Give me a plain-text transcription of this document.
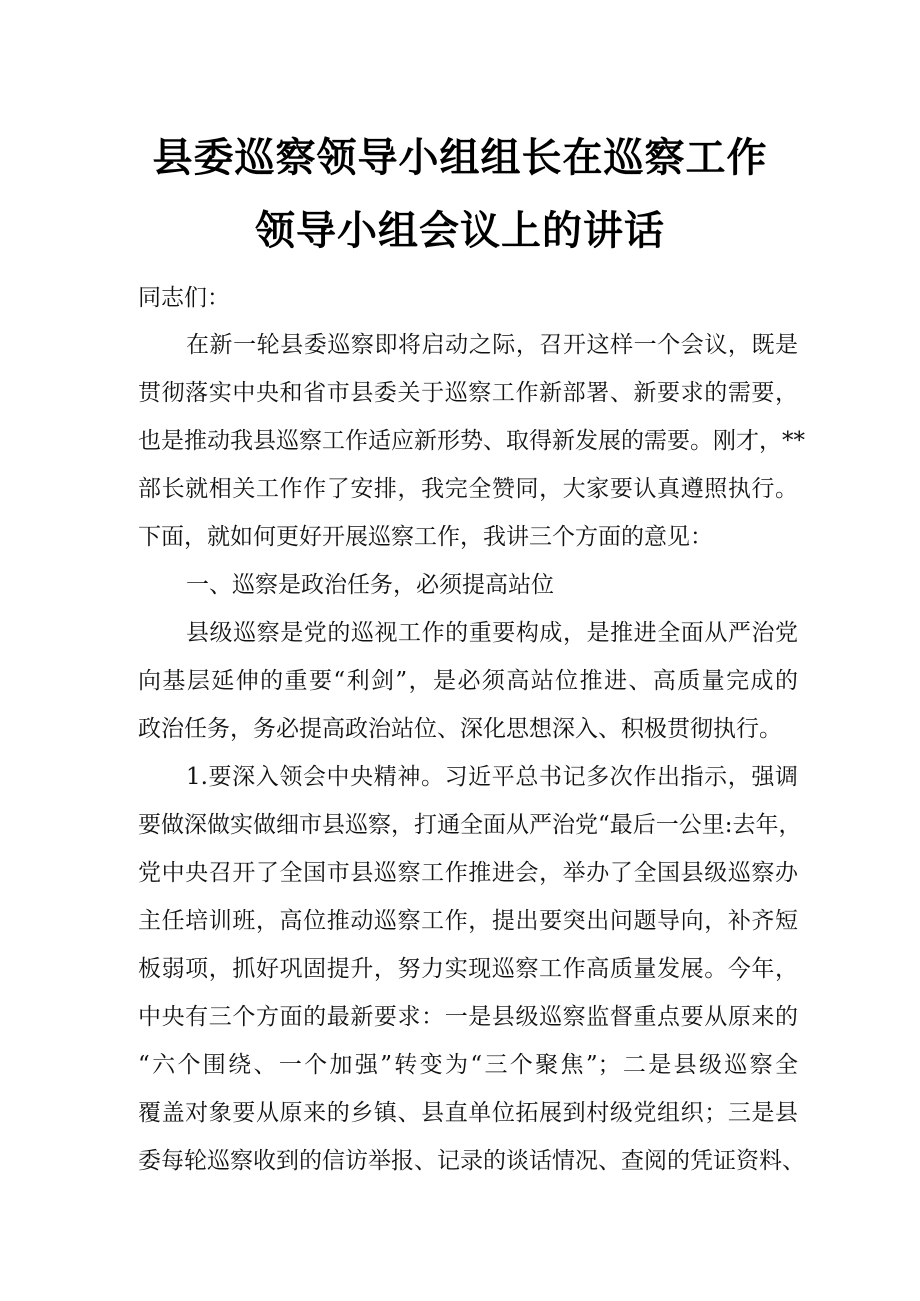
县委巡察领导小组组长在巡察工作
领导小组会议上的讲话
同志们：
在新一轮县委巡察即将启动之际，召开这样一个会议，既是
贯彻落实中央和省市县委关于巡察工作新部署、新要求的需要，
也是推动我县巡察工作适应新形势、取得新发展的需要。刚才，**
部长就相关工作作了安排，我完全赞同，大家要认真遵照执行。
下面，就如何更好开展巡察工作，我讲三个方面的意见：
一、巡察是政治任务，必须提高站位
县级巡察是党的巡视工作的重要构成，是推进全面从严治党
向基层延伸的重要“利剑”，是必须高站位推进、高质量完成的
政治任务，务必提高政治站位、深化思想深入、积极贯彻执行。
1.要深入领会中央精神。习近平总书记多次作出指示，强调
要做深做实做细市县巡察，打通全面从严治党“最后一公里:去年，
党中央召开了全国市县巡察工作推进会，举办了全国县级巡察办
主任培训班，高位推动巡察工作，提出要突出问题导向，补齐短
板弱项，抓好巩固提升，努力实现巡察工作高质量发展。今年，
中央有三个方面的最新要求：一是县级巡察监督重点要从原来的
“六个围绕、一个加强”转变为“三个聚焦”；二是县级巡察全
覆盖对象要从原来的乡镇、县直单位拓展到村级党组织；三是县
委每轮巡察收到的信访举报、记录的谈话情况、查阅的凭证资料、
